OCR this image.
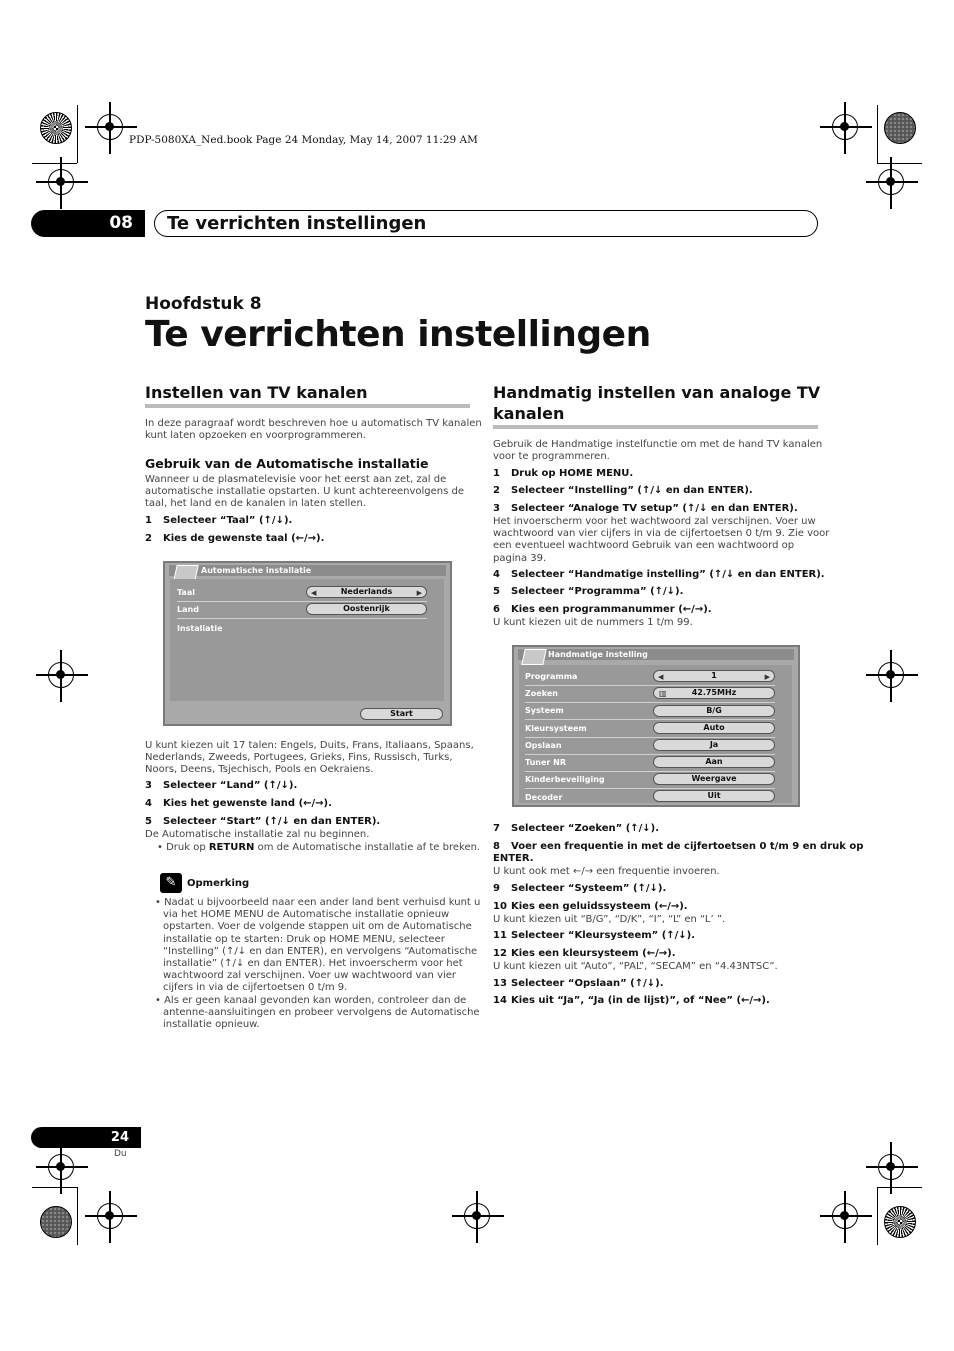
PDP-5080XA_Ned.book Page 24 Monday, May 14, 2007 11:29 AM
08	Te verrichten instellingen
Hoofdstuk 8
Te verrichten instellingen
Instellen van TV kanalen
In deze paragraaf wordt beschreven hoe u automatisch TV kanalen
kunt laten opzoeken en voorprogrammeren.
Gebruik van de Automatische installatie
Wanneer u de plasmatelevisie voor het eerst aan zet, zal de
automatische installatie opstarten. U kunt achtereenvolgens de
taal, het land en de kanalen in laten stellen.
1 Selecteer “Taal” (↑/↓).
2 Kies de gewenste taal (←/→).
Automatische installatie
Taal	◀	Nederlands	▶
Land	Oostenrijk
Installatie
Start
U kunt kiezen uit 17 talen: Engels, Duits, Frans, Italiaans, Spaans,
Nederlands, Zweeds, Portugees, Grieks, Fins, Russisch, Turks,
Noors, Deens, Tsjechisch, Pools en Oekraiens.
3 Selecteer “Land” (↑/↓).
4 Kies het gewenste land (←/→).
5 Selecteer “Start” (↑/↓ en dan ENTER).
De Automatische installatie zal nu beginnen.
• Druk op RETURN om de Automatische installatie af te breken.
✎	Opmerking
• Nadat u bijvoorbeeld naar een ander land bent verhuisd kunt u
via het HOME MENU de Automatische installatie opnieuw
opstarten. Voer de volgende stappen uit om de Automatische
installatie op te starten: Druk op HOME MENU, selecteer
“Instelling” (↑/↓ en dan ENTER), en vervolgens “Automatische
installatie” (↑/↓ en dan ENTER). Het invoerscherm voor het
wachtwoord zal verschijnen. Voer uw wachtwoord van vier
cijfers in via de cijfertoetsen 0 t/m 9.
• Als er geen kanaal gevonden kan worden, controleer dan de
antenne-aansluitingen en probeer vervolgens de Automatische
installatie opnieuw.
Handmatig instellen van analoge TV
kanalen
Gebruik de Handmatige instelfunctie om met de hand TV kanalen
voor te programmeren.
1 Druk op HOME MENU.
2 Selecteer “Instelling” (↑/↓ en dan ENTER).
3 Selecteer “Analoge TV setup” (↑/↓ en dan ENTER).
Het invoerscherm voor het wachtwoord zal verschijnen. Voer uw
wachtwoord van vier cijfers in via de cijfertoetsen 0 t/m 9. Zie voor
een eventueel wachtwoord Gebruik van een wachtwoord op
pagina 39.
4 Selecteer “Handmatige instelling” (↑/↓ en dan ENTER).
5 Selecteer “Programma” (↑/↓).
6 Kies een programmanummer (←/→).
U kunt kiezen uit de nummers 1 t/m 99.
Handmatige instelling
Programma	◀	1	▶
Zoeken	▥	42.75MHz
Systeem	B/G
Kleursysteem	Auto
Opslaan	Ja
Tuner NR	Aan
Kinderbeveiliging	Weergave
Decoder	Uit
7 Selecteer “Zoeken” (↑/↓).
8 Voer een frequentie in met de cijfertoetsen 0 t/m 9 en druk op
ENTER.
U kunt ook met ←/→ een frequentie invoeren.
9 Selecteer “Systeem” (↑/↓).
10 Kies een geluidssysteem (←/→).
U kunt kiezen uit “B/G”, “D/K”, “I”, “L” en “L’ ”.
11 Selecteer “Kleursysteem” (↑/↓).
12 Kies een kleursysteem (←/→).
U kunt kiezen uit “Auto”, “PAL”, “SECAM” en “4.43NTSC”.
13 Selecteer “Opslaan” (↑/↓).
14 Kies uit “Ja”, “Ja (in de lijst)”, of “Nee” (←/→).
24
Du
